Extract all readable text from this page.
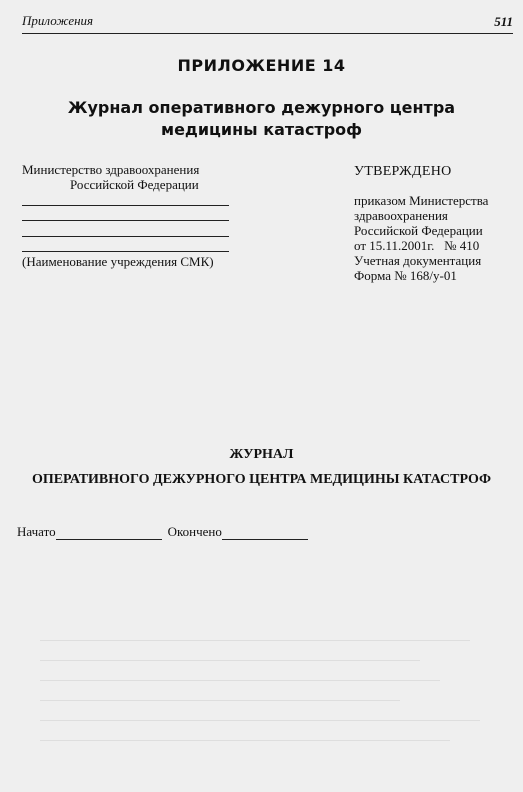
Приложения	511
ПРИЛОЖЕНИЕ 14
Журнал оперативного дежурного центра
медицины катастроф
Министерство здравоохранения
Российской Федерации
(Наименование учреждения СМК)
УТВЕРЖДЕНО
приказом Министерства
здравоохранения
Российской Федерации
от 15.11.2001г.   № 410
Учетная документация
Форма № 168/у-01
ЖУРНАЛ
ОПЕРАТИВНОГО ДЕЖУРНОГО ЦЕНТРА МЕДИЦИНЫ КАТАСТРОФ
Начато	Окончено
